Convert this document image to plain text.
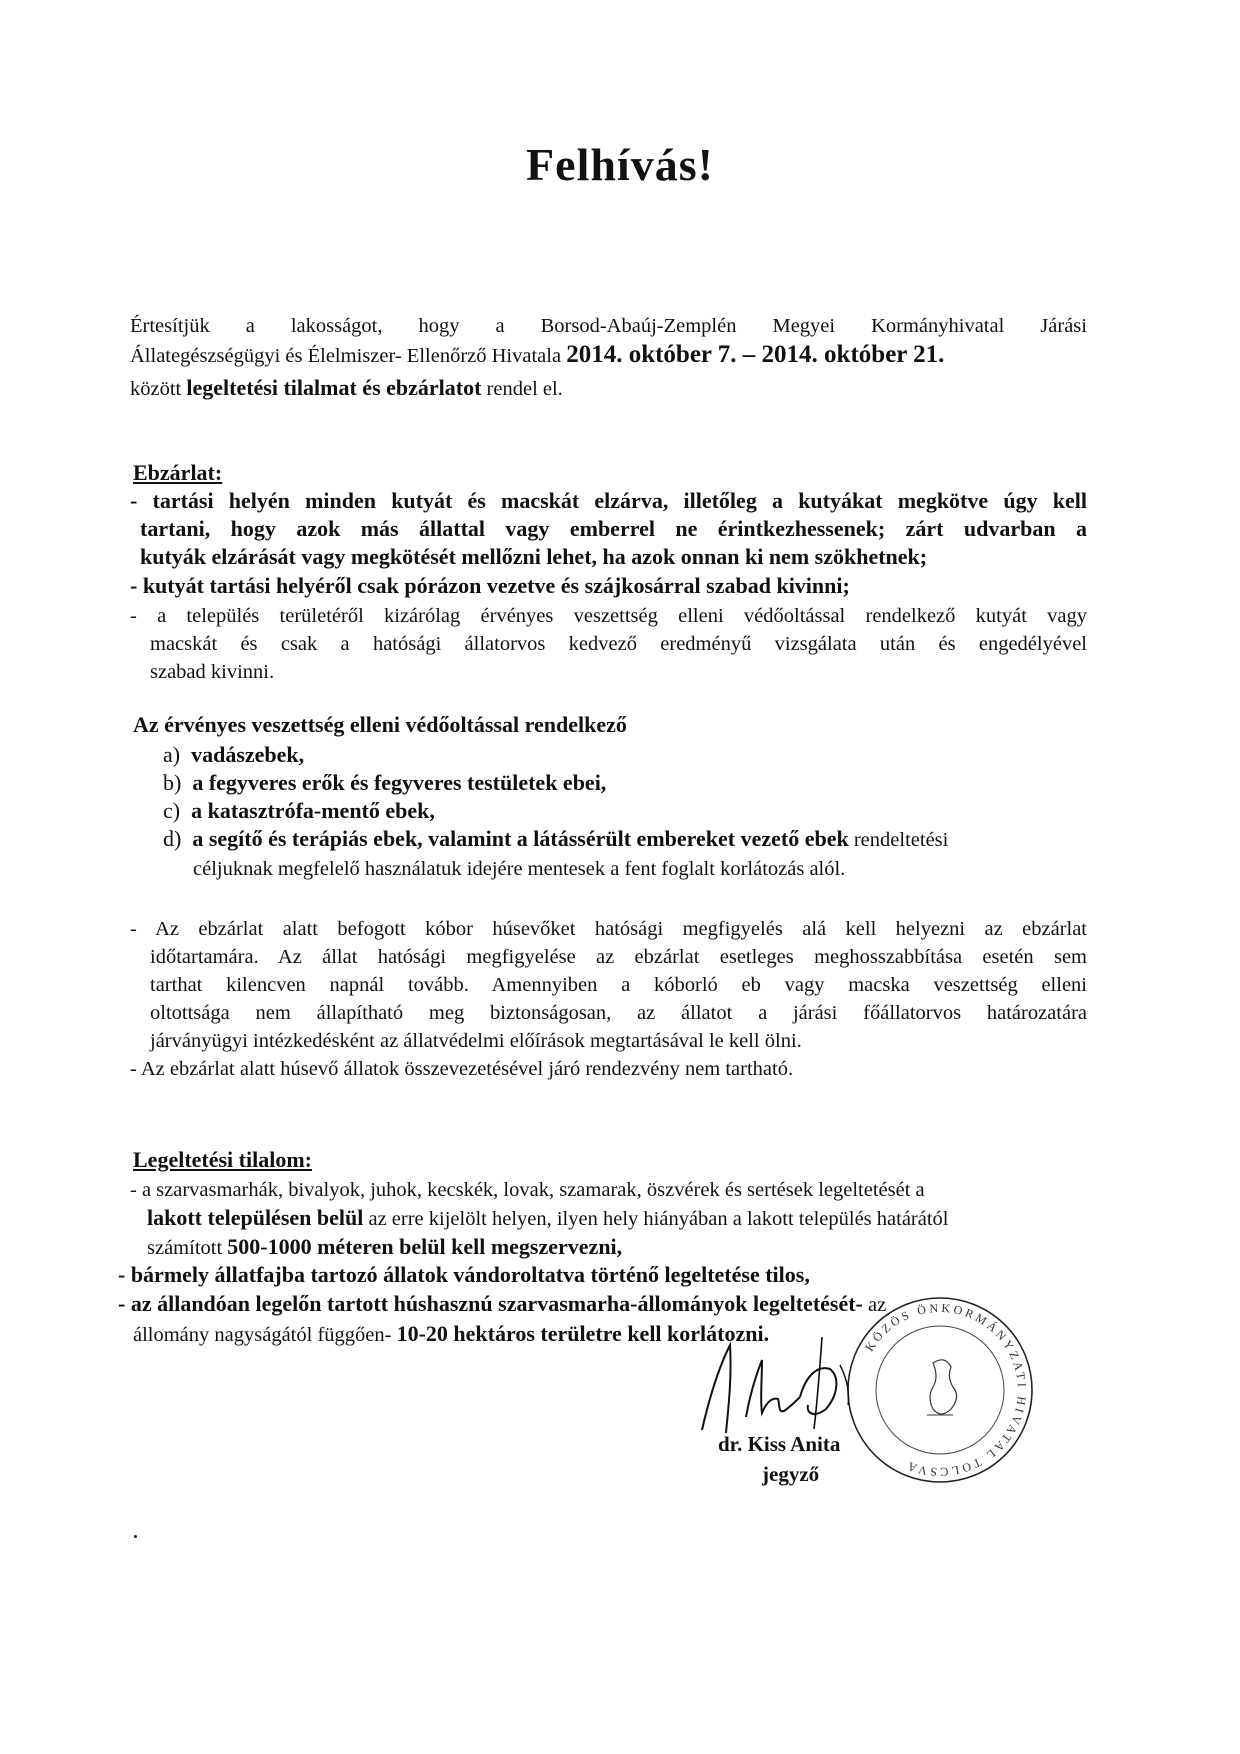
Felhívás!
Értesítjük a lakosságot, hogy a Borsod-Abaúj-Zemplén Megyei Kormányhivatal Járási
Állategészségügyi és Élelmiszer- Ellenőrző Hivatala 2014. október 7. – 2014. október 21.
között legeltetési tilalmat és ebzárlatot rendel el.
Ebzárlat:
- tartási helyén minden kutyát és macskát elzárva, illetőleg a kutyákat megkötve úgy kell
tartani, hogy azok más állattal vagy emberrel ne érintkezhessenek; zárt udvarban a
kutyák elzárását vagy megkötését mellőzni lehet, ha azok onnan ki nem szökhetnek;
- kutyát tartási helyéről csak pórázon vezetve és szájkosárral szabad kivinni;
- a település területéről kizárólag érvényes veszettség elleni védőoltással rendelkező kutyát vagy
macskát és csak a hatósági állatorvos kedvező eredményű vizsgálata után és engedélyével
szabad kivinni.
Az érvényes veszettség elleni védőoltással rendelkező
a) vadászebek,
b) a fegyveres erők és fegyveres testületek ebei,
c) a katasztrófa-mentő ebek,
d) a segítő és terápiás ebek, valamint a látássérült embereket vezető ebek rendeltetési
céljuknak megfelelő használatuk idejére mentesek a fent foglalt korlátozás alól.
- Az ebzárlat alatt befogott kóbor húsevőket hatósági megfigyelés alá kell helyezni az ebzárlat
időtartamára. Az állat hatósági megfigyelése az ebzárlat esetleges meghosszabbítása esetén sem
tarthat kilencven napnál tovább. Amennyiben a kóborló eb vagy macska veszettség elleni
oltottsága nem állapítható meg biztonságosan, az állatot a járási főállatorvos határozatára
járványügyi intézkedésként az állatvédelmi előírások megtartásával le kell ölni.
- Az ebzárlat alatt húsevő állatok összevezetésével járó rendezvény nem tartható.
Legeltetési tilalom:
- a szarvasmarhák, bivalyok, juhok, kecskék, lovak, szamarak, öszvérek és sertések legeltetését a
lakott településen belül az erre kijelölt helyen, ilyen hely hiányában a lakott település határától
számított 500-1000 méteren belül kell megszervezni,
- bármely állatfajba tartozó állatok vándoroltatva történő legeltetése tilos,
- az állandóan legelőn tartott húshasznú szarvasmarha-állományok legeltetését- az
állomány nagyságától függően- 10-20 hektáros területre kell korlátozni.	KÖZÖS ÖNKORMÁNYZATI HIVATAL TOLCSVA
dr. Kiss Anita
jegyző
